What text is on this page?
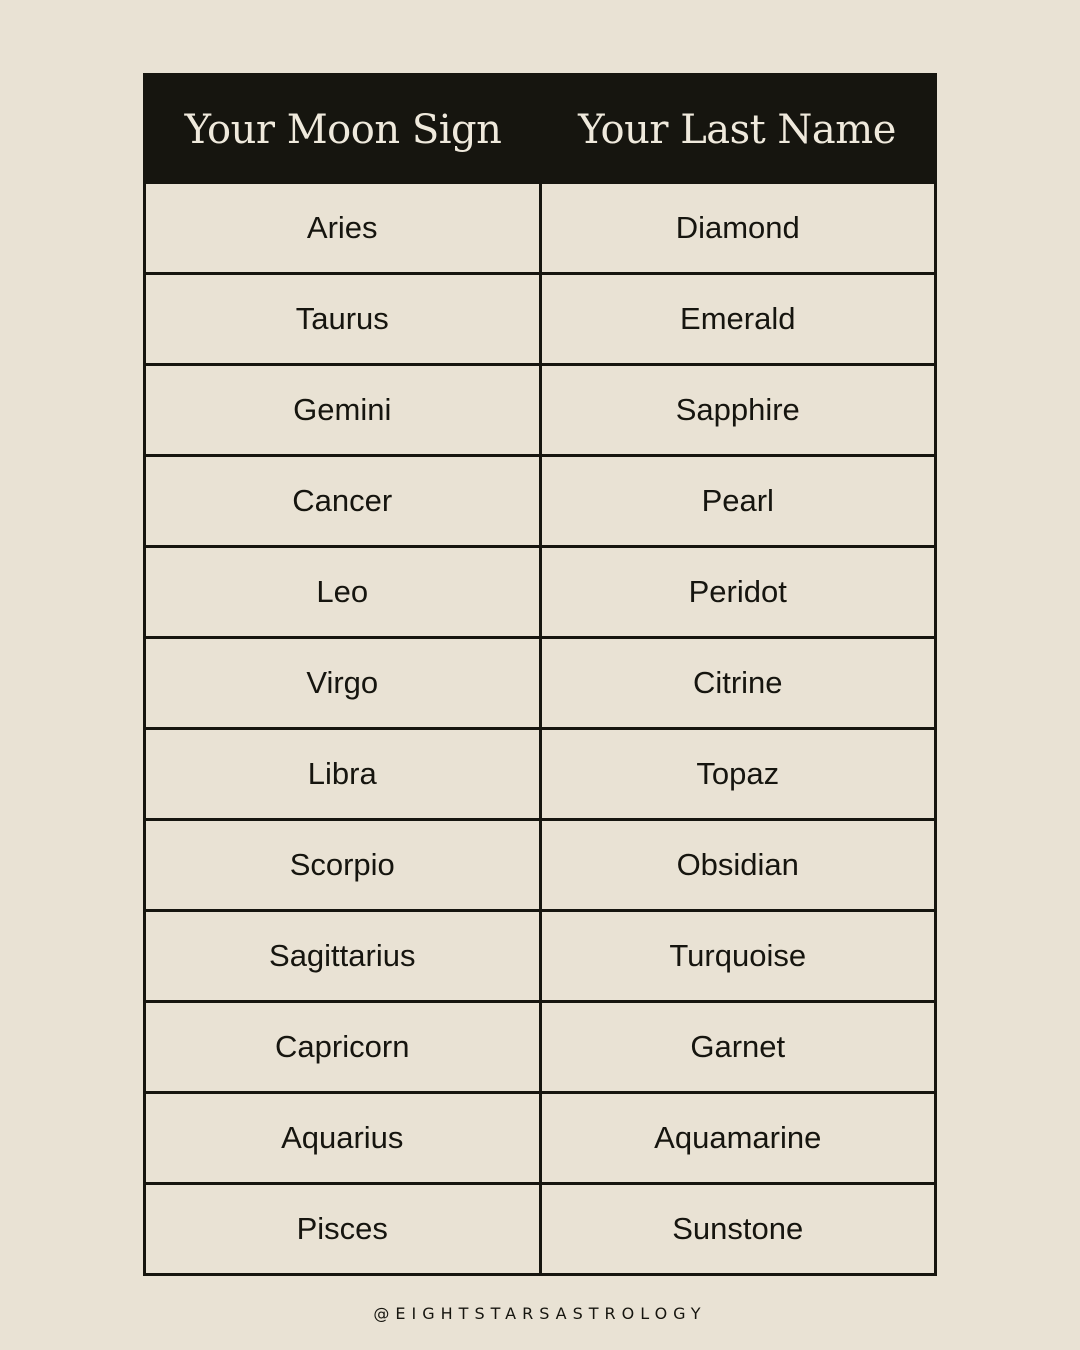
Your Moon Sign	Your Last Name
Aries	Diamond
Taurus	Emerald
Gemini	Sapphire
Cancer	Pearl
Leo	Peridot
Virgo	Citrine
Libra	Topaz
Scorpio	Obsidian
Sagittarius	Turquoise
Capricorn	Garnet
Aquarius	Aquamarine
Pisces	Sunstone
@EIGHTSTARSASTROLOGY
